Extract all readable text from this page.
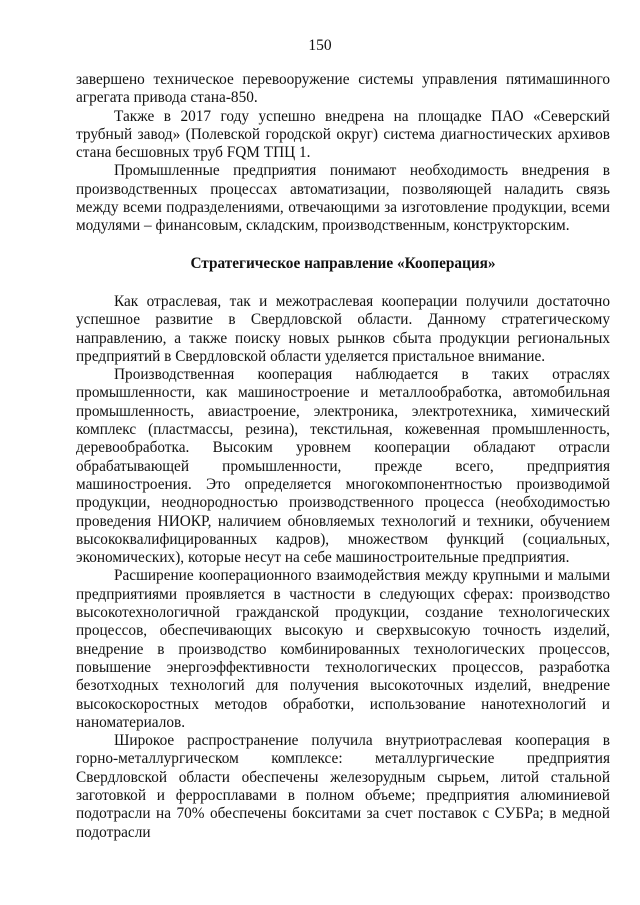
150

завершено техническое перевооружение системы управления пятимашинного агрегата привода стана-850.

Также в 2017 году успешно внедрена на площадке ПАО «Северский трубный завод» (Полевской городской округ) система диагностических архивов стана бесшовных труб FQM ТПЦ 1.

Промышленные предприятия понимают необходимость внедрения в производственных процессах автоматизации, позволяющей наладить связь между всеми подразделениями, отвечающими за изготовление продукции, всеми модулями – финансовым, складским, производственным, конструкторским.

Стратегическое направление «Кооперация»

Как отраслевая, так и межотраслевая кооперации получили достаточно успешное развитие в Свердловской области. Данному стратегическому направлению, а также поиску новых рынков сбыта продукции региональных предприятий в Свердловской области уделяется пристальное внимание.

Производственная кооперация наблюдается в таких отраслях промышленности, как машиностроение и металлообработка, автомобильная промышленность, авиастроение, электроника, электротехника, химический комплекс (пластмассы, резина), текстильная, кожевенная промышленность, деревообработка. Высоким уровнем кооперации обладают отрасли обрабатывающей промышленности, прежде всего, предприятия машиностроения. Это определяется многокомпонентностью производимой продукции, неоднородностью производственного процесса (необходимостью проведения НИОКР, наличием обновляемых технологий и техники, обучением высококвалифицированных кадров), множеством функций (социальных, экономических), которые несут на себе машиностроительные предприятия.

Расширение кооперационного взаимодействия между крупными и малыми предприятиями проявляется в частности в следующих сферах: производство высокотехнологичной гражданской продукции, создание технологических процессов, обеспечивающих высокую и сверхвысокую точность изделий, внедрение в производство комбинированных технологических процессов, повышение энергоэффективности технологических процессов, разработка безотходных технологий для получения высокоточных изделий, внедрение высокоскоростных методов обработки, использование нанотехнологий и наноматериалов.

Широкое распространение получила внутриотраслевая кооперация в горно-металлургическом комплексе: металлургические предприятия Свердловской области обеспечены железорудным сырьем, литой стальной заготовкой и ферросплавами в полном объеме; предприятия алюминиевой подотрасли на 70% обеспечены бокситами за счет поставок с СУБРа; в медной подотрасли
